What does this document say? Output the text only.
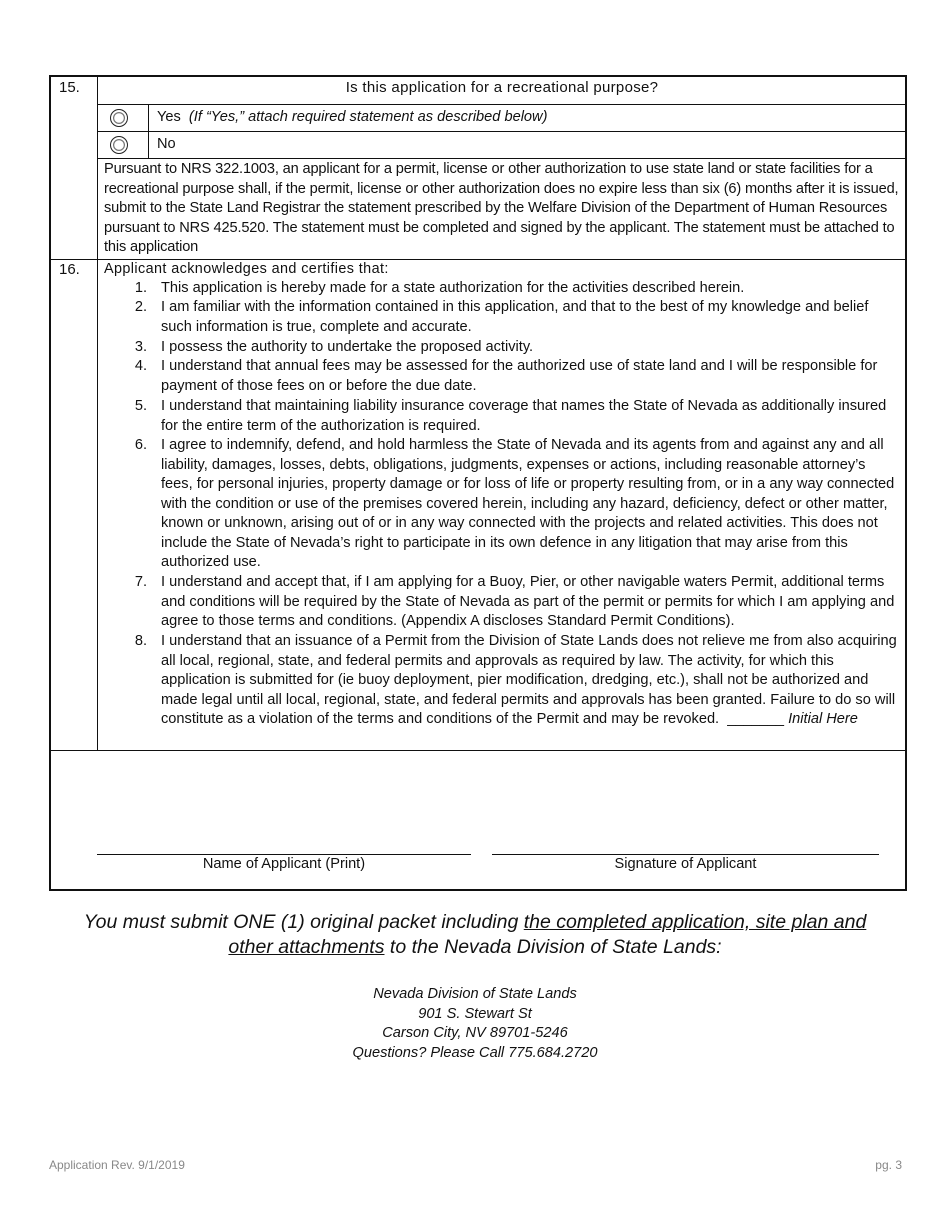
15.	Is this application for a recreational purpose?
Yes (If “Yes,” attach required statement as described below)
No
Pursuant to NRS 322.1003, an applicant for a permit, license or other authorization to use state land or state facilities for a recreational purpose shall, if the permit, license or other authorization does no expire less than six (6) months after it is issued, submit to the State Land Registrar the statement prescribed by the Welfare Division of the Department of Human Resources pursuant to NRS 425.520. The statement must be completed and signed by the applicant. The statement must be attached to this application
16. Applicant acknowledges and certifies that:
1. This application is hereby made for a state authorization for the activities described herein.
2. I am familiar with the information contained in this application, and that to the best of my knowledge and belief such information is true, complete and accurate.
3. I possess the authority to undertake the proposed activity.
4. I understand that annual fees may be assessed for the authorized use of state land and I will be responsible for payment of those fees on or before the due date.
5. I understand that maintaining liability insurance coverage that names the State of Nevada as additionally insured for the entire term of the authorization is required.
6. I agree to indemnify, defend, and hold harmless the State of Nevada and its agents from and against any and all liability, damages, losses, debts, obligations, judgments, expenses or actions, including reasonable attorney’s fees, for personal injuries, property damage or for loss of life or property resulting from, or in a any way connected with the condition or use of the premises covered herein, including any hazard, deficiency, defect or other matter, known or unknown, arising out of or in any way connected with the projects and related activities. This does not include the State of Nevada’s right to participate in its own defence in any litigation that may arise from this authorized use.
7. I understand and accept that, if I am applying for a Buoy, Pier, or other navigable waters Permit, additional terms and conditions will be required by the State of Nevada as part of the permit or permits for which I am applying and agree to those terms and conditions. (Appendix A discloses Standard Permit Conditions).
8. I understand that an issuance of a Permit from the Division of State Lands does not relieve me from also acquiring all local, regional, state, and federal permits and approvals as required by law. The activity, for which this application is submitted for (ie buoy deployment, pier modification, dredging, etc.), shall not be authorized and made legal until all local, regional, state, and federal permits and approvals has been granted. Failure to do so will constitute as a violation of the terms and conditions of the Permit and may be revoked. _______ Initial Here
Name of Applicant (Print)	Signature of Applicant
You must submit ONE (1) original packet including the completed application, site plan and
other attachments to the Nevada Division of State Lands:
Nevada Division of State Lands
901 S. Stewart St
Carson City, NV 89701-5246
Questions? Please Call 775.684.2720
Application Rev. 9/1/2019	pg. 3
